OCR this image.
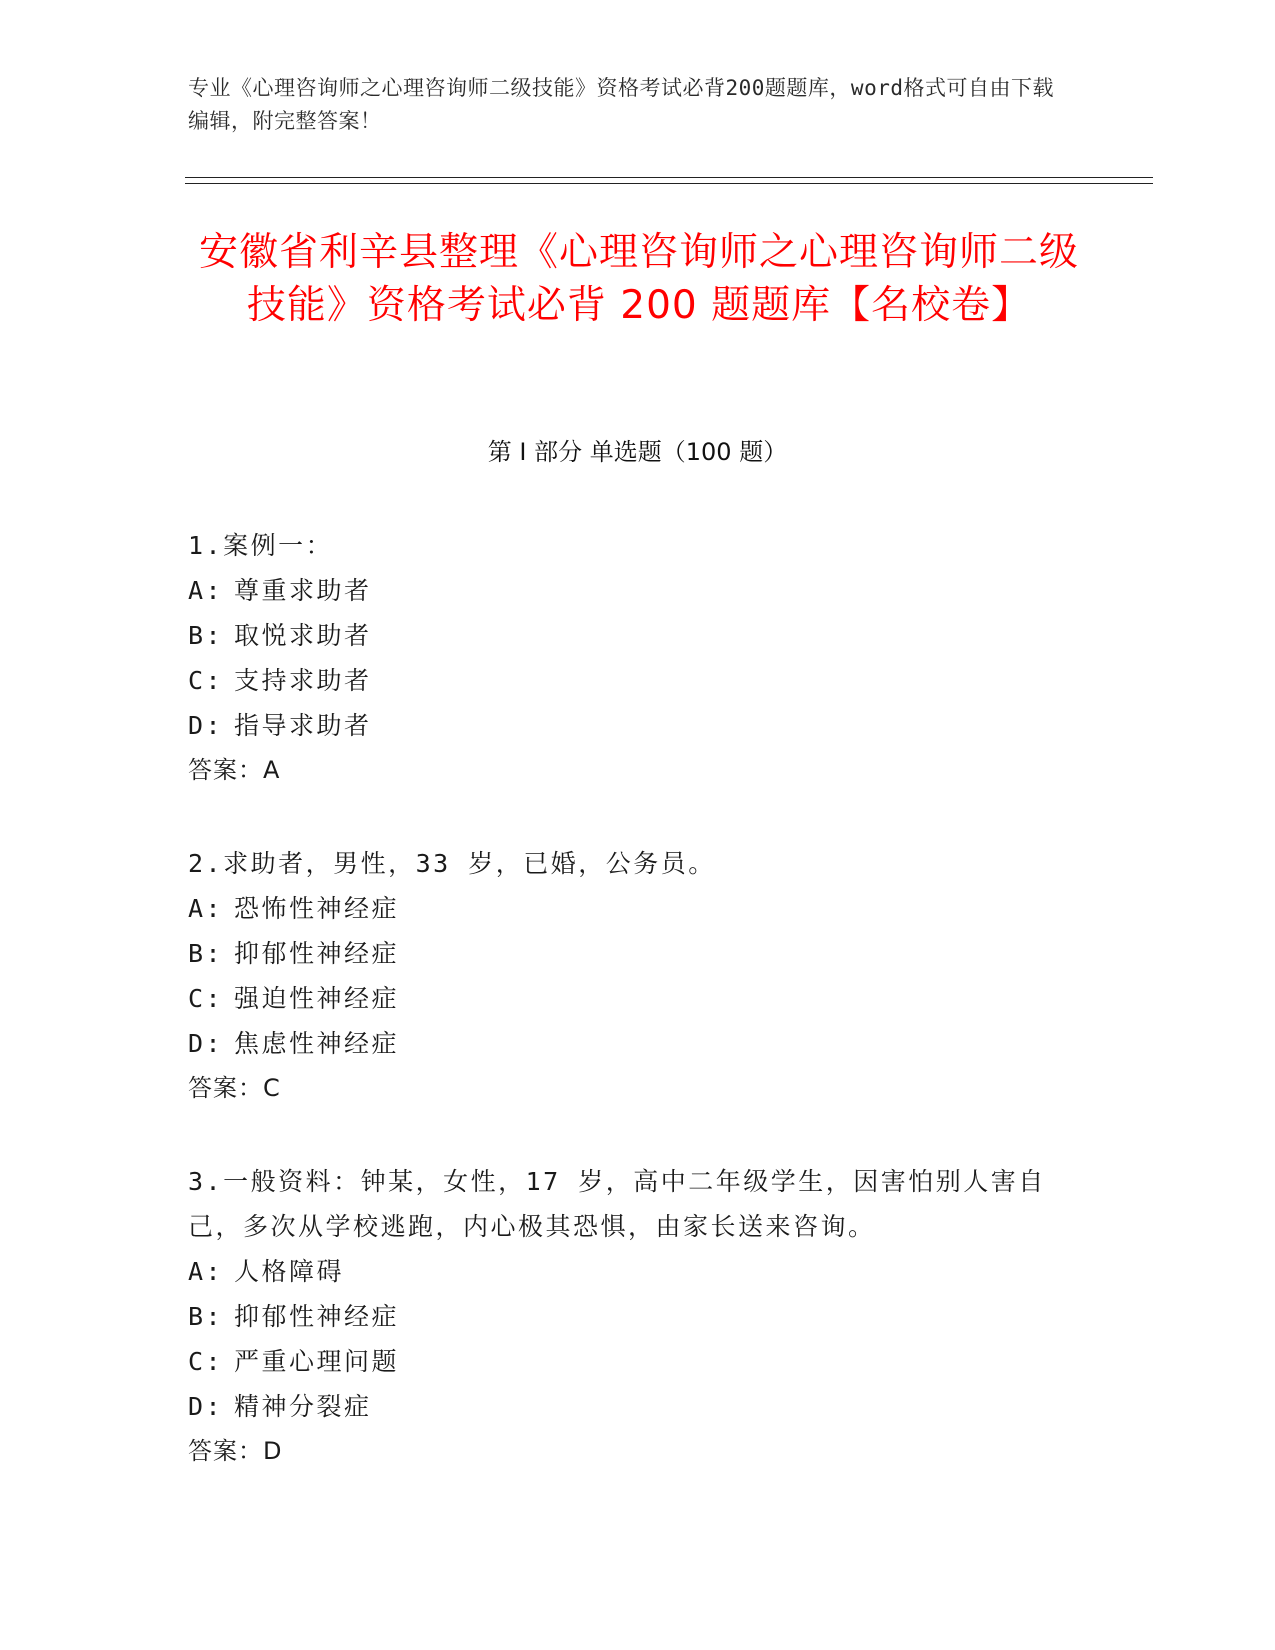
专业《心理咨询师之心理咨询师二级技能》资格考试必背200题题库，word格式可自由下载编辑，附完整答案！
安徽省利辛县整理《心理咨询师之心理咨询师二级技能》资格考试必背 200 题题库【名校卷】
第 I 部分 单选题（100 题）
1.案例一：
A: 尊重求助者
B: 取悦求助者
C: 支持求助者
D: 指导求助者
答案：A
2.求助者，男性，33 岁，已婚，公务员。
A: 恐怖性神经症
B: 抑郁性神经症
C: 强迫性神经症
D: 焦虑性神经症
答案：C
3.一般资料：钟某，女性，17 岁，高中二年级学生，因害怕别人害自己，多次从学校逃跑，内心极其恐惧，由家长送来咨询。
A: 人格障碍
B: 抑郁性神经症
C: 严重心理问题
D: 精神分裂症
答案：D
